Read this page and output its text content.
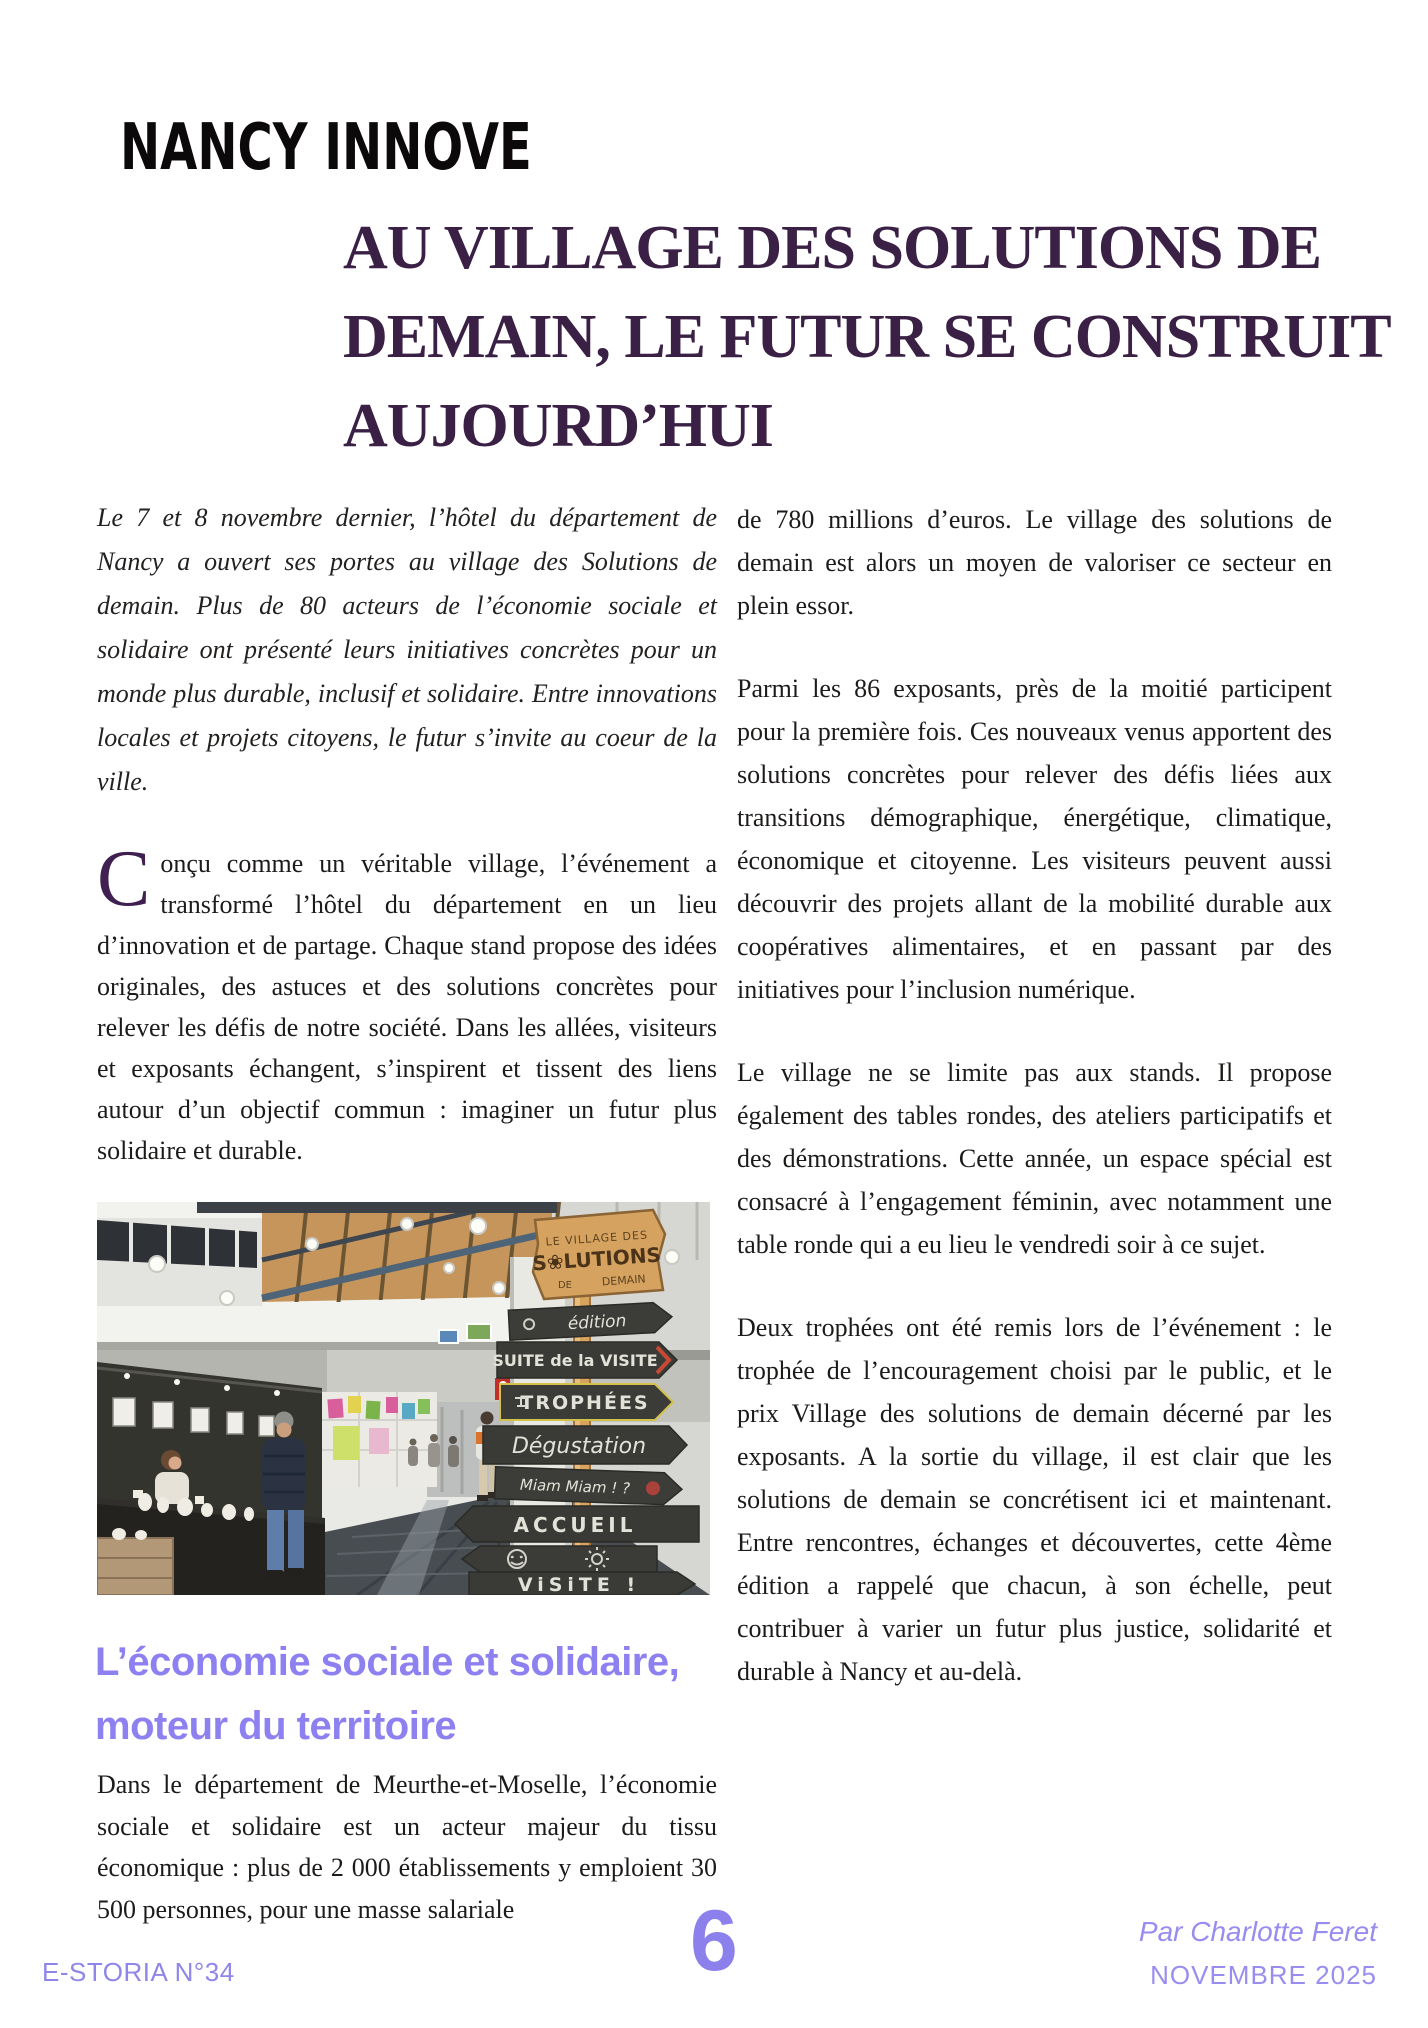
NANCY INNOVE
AU VILLAGE DES SOLUTIONS DE
DEMAIN, LE FUTUR SE CONSTRUIT
AUJOURD’HUI
Le 7 et 8 novembre dernier, l’hôtel du département de Nancy a ouvert ses portes au village des Solutions de demain. Plus de 80 acteurs de l’économie sociale et solidaire ont présenté leurs initiatives concrètes pour un monde plus durable, inclusif et solidaire. Entre innovations locales et projets citoyens, le futur s’invite au coeur de la ville.
Conçu comme un véritable village, l’événement a transformé l’hôtel du département en un lieu d’innovation et de partage. Chaque stand propose des idées originales, des astuces et des solutions concrètes pour relever les défis de notre société. Dans les allées, visiteurs et exposants échangent, s’inspirent et tissent des liens autour d’un objectif commun : imaginer un futur plus solidaire et durable.
LE VILLAGE DES
S❀LUTIONS
DE	DEMAIN
édition
SUITE de la VISITE
TROPHÉES
Dégustation
Miam Miam ! ?
ACCUEIL
ViSiTE !
L’économie sociale et solidaire,
moteur du territoire
Dans le département de Meurthe-et-Moselle, l’économie sociale et solidaire est un acteur majeur du tissu économique : plus de 2 000 établissements y emploient 30 500 personnes, pour une masse salariale

de 780 millions d’euros. Le village des solutions de demain est alors un moyen de valoriser ce secteur en plein essor.

Parmi les 86 exposants, près de la moitié participent pour la première fois. Ces nouveaux venus apportent des solutions concrètes pour relever des défis liées aux transitions démographique, énergétique, climatique, économique et citoyenne. Les visiteurs peuvent aussi découvrir des projets allant de la mobilité durable aux coopératives alimentaires, et en passant par des initiatives pour l’inclusion numérique.

Le village ne se limite pas aux stands. Il propose également des tables rondes, des ateliers participatifs et des démonstrations. Cette année, un espace spécial est consacré à l’engagement féminin, avec notamment une table ronde qui a eu lieu le vendredi soir à ce sujet.

Deux trophées ont été remis lors de l’événement : le trophée de l’encouragement choisi par le public, et le prix Village des solutions de demain décerné par les exposants. A la sortie du village, il est clair que les solutions de demain se concrétisent ici et maintenant. Entre rencontres, échanges et découvertes, cette 4ème édition a rappelé que chacun, à son échelle, peut contribuer à varier un futur plus justice, solidarité et durable à Nancy et au-delà.

E-STORIA N°34	6	Par Charlotte Feret
NOVEMBRE 2025
